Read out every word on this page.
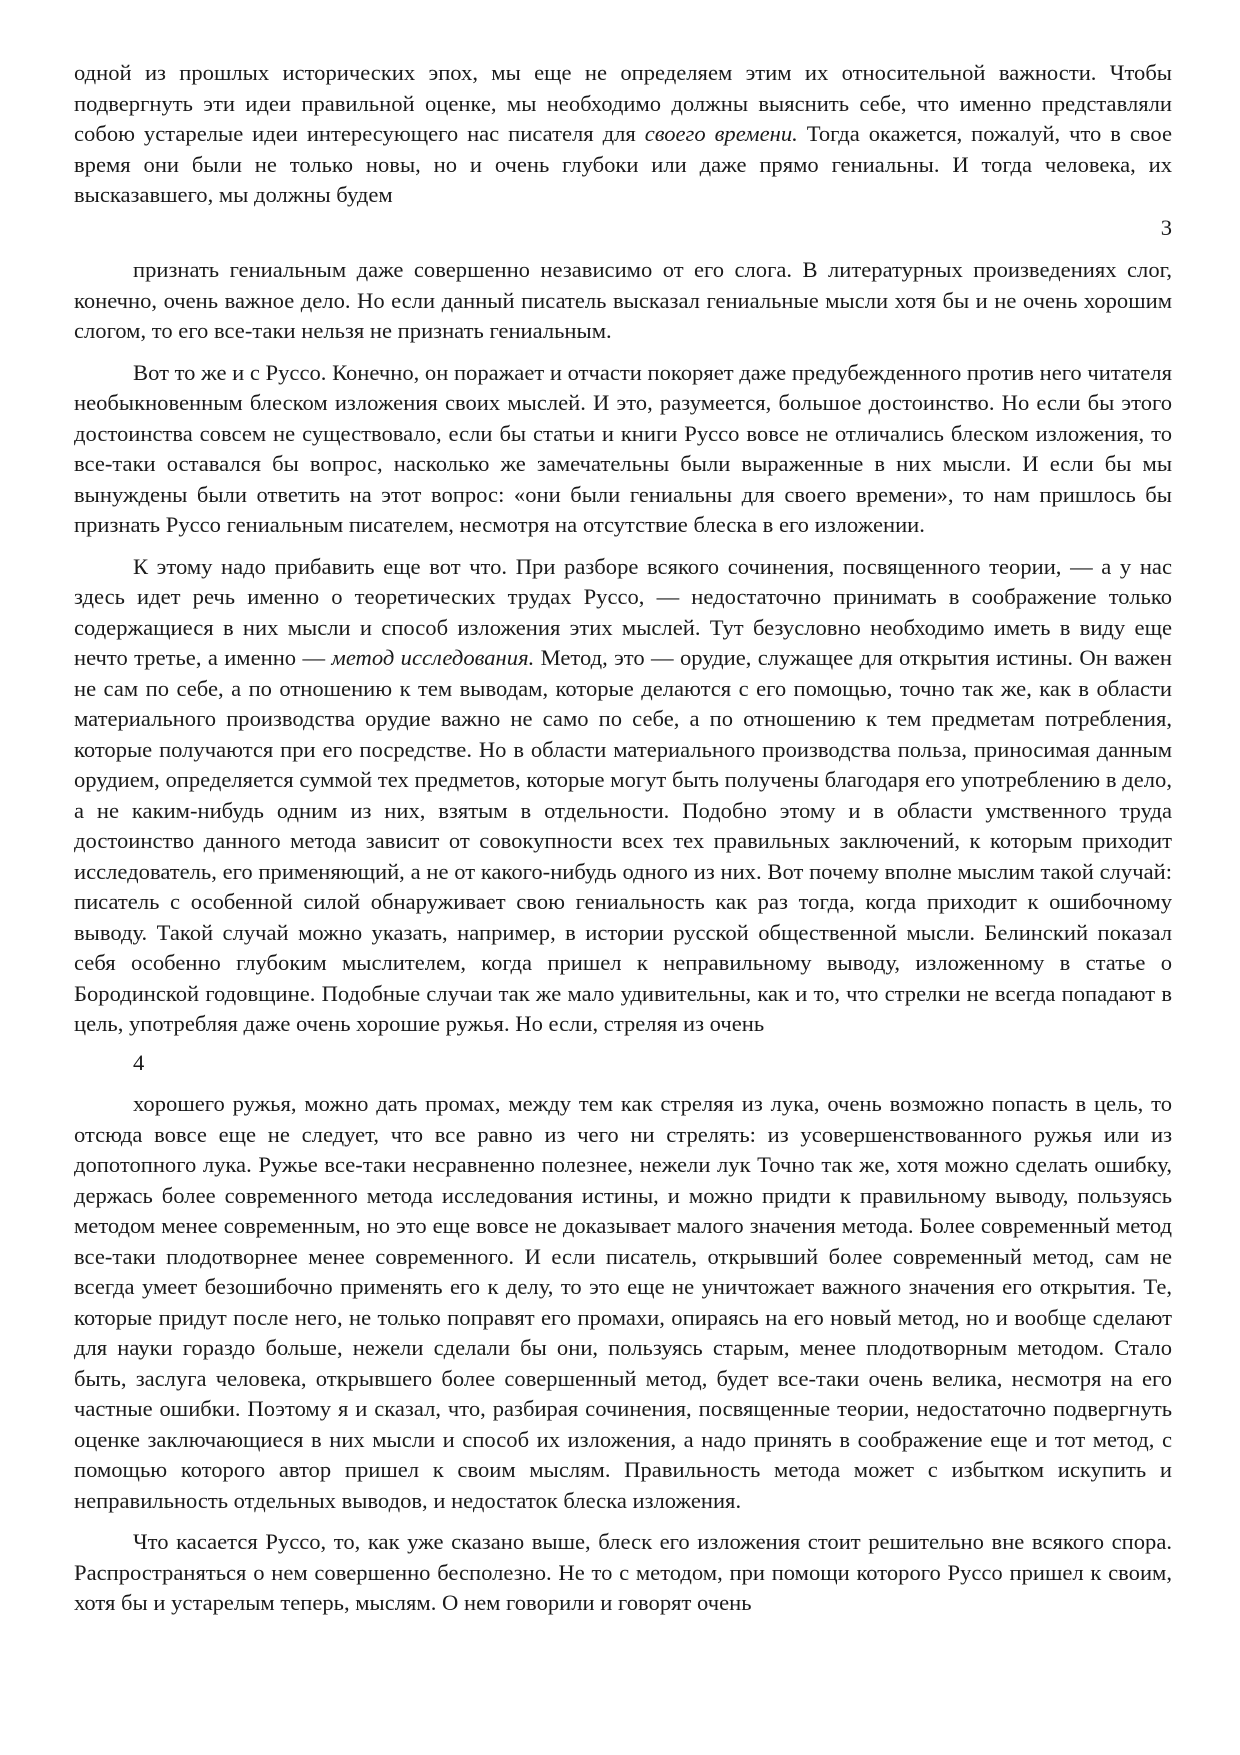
одной из прошлых исторических эпох, мы еще не определяем этим их относительной важности. Чтобы подвергнуть эти идеи правильной оценке, мы необходимо должны выяснить себе, что именно представляли собою устарелые идеи интересующего нас писателя для своего времени. Тогда окажется, пожалуй, что в свое время они были не только новы, но и очень глубоки или даже прямо гениальны. И тогда человека, их высказавшего, мы должны будем

3

признать гениальным даже совершенно независимо от его слога. В литературных произведениях слог, конечно, очень важное дело. Но если данный писатель высказал гениальные мысли хотя бы и не очень хорошим слогом, то его все-таки нельзя не признать гениальным.

Вот то же и с Руссо. Конечно, он поражает и отчасти покоряет даже предубежденного против него читателя необыкновенным блеском изложения своих мыслей. И это, разумеется, большое достоинство. Но если бы этого достоинства совсем не существовало, если бы статьи и книги Руссо вовсе не отличались блеском изложения, то все-таки оставался бы вопрос, насколько же замечательны были выраженные в них мысли. И если бы мы вынуждены были ответить на этот вопрос: «они были гениальны для своего времени», то нам пришлось бы признать Руссо гениальным писателем, несмотря на отсутствие блеска в его изложении.

К этому надо прибавить еще вот что. При разборе всякого сочинения, посвященного теории, — а у нас здесь идет речь именно о теоретических трудах Руссо, — недостаточно принимать в соображение только содержащиеся в них мысли и способ изложения этих мыслей. Тут безусловно необходимо иметь в виду еще нечто третье, а именно — метод исследования. Метод, это — орудие, служащее для открытия истины. Он важен не сам по себе, а по отношению к тем выводам, которые делаются с его помощью, точно так же, как в области материального производства орудие важно не само по себе, а по отношению к тем предметам потребления, которые получаются при его посредстве. Но в области материального производства польза, приносимая данным орудием, определяется суммой тех предметов, которые могут быть получены благодаря его употреблению в дело, а не каким-нибудь одним из них, взятым в отдельности. Подобно этому и в области умственного труда достоинство данного метода зависит от совокупности всех тех правильных заключений, к которым приходит исследователь, его применяющий, а не от какого-нибудь одного из них. Вот почему вполне мыслим такой случай: писатель с особенной силой обнаруживает свою гениальность как раз тогда, когда приходит к ошибочному выводу. Такой случай можно указать, например, в истории русской общественной мысли. Белинский показал себя особенно глубоким мыслителем, когда пришел к неправильному выводу, изложенному в статье о Бородинской годовщине. Подобные случаи так же мало удивительны, как и то, что стрелки не всегда попадают в цель, употребляя даже очень хорошие ружья. Но если, стреляя из очень

4

хорошего ружья, можно дать промах, между тем как стреляя из лука, очень возможно попасть в цель, то отсюда вовсе еще не следует, что все равно из чего ни стрелять: из усовершенствованного ружья или из допотопного лука. Ружье все-таки несравненно полезнее, нежели лук Точно так же, хотя можно сделать ошибку, держась более современного метода исследования истины, и можно придти к правильному выводу, пользуясь методом менее современным, но это еще вовсе не доказывает малого значения метода. Более современный метод все-таки плодотворнее менее современного. И если писатель, открывший более современный метод, сам не всегда умеет безошибочно применять его к делу, то это еще не уничтожает важного значения его открытия. Те, которые придут после него, не только поправят его промахи, опираясь на его новый метод, но и вообще сделают для науки гораздо больше, нежели сделали бы они, пользуясь старым, менее плодотворным методом. Стало быть, заслуга человека, открывшего более совершенный метод, будет все-таки очень велика, несмотря на его частные ошибки. Поэтому я и сказал, что, разбирая сочинения, посвященные теории, недостаточно подвергнуть оценке заключающиеся в них мысли и способ их изложения, а надо принять в соображение еще и тот метод, с помощью которого автор пришел к своим мыслям. Правильность метода может с избытком искупить и неправильность отдельных выводов, и недостаток блеска изложения.

Что касается Руссо, то, как уже сказано выше, блеск его изложения стоит решительно вне всякого спора. Распространяться о нем совершенно бесполезно. Не то с методом, при помощи которого Руссо пришел к своим, хотя бы и устарелым теперь, мыслям. О нем говорили и говорят очень
